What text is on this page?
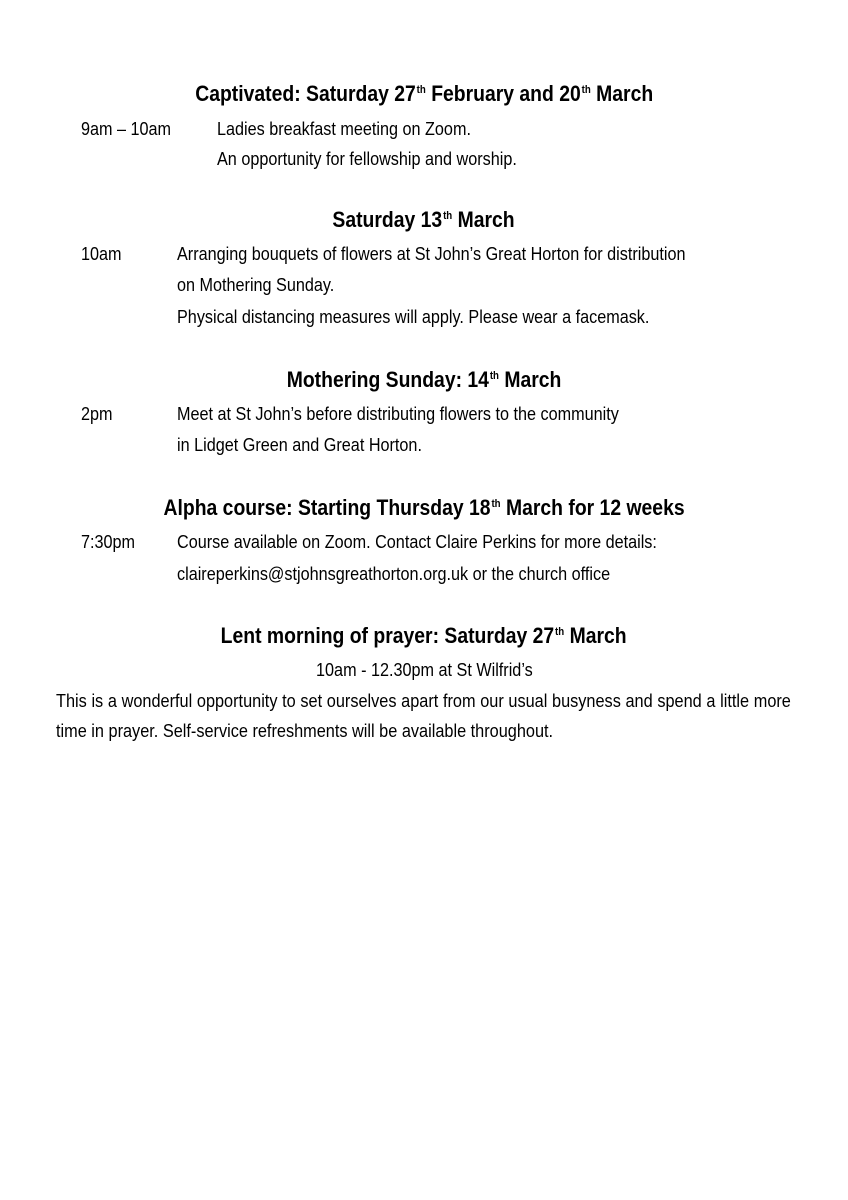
Captivated: Saturday 27th February and 20th March
9am – 10am	Ladies breakfast meeting on Zoom.
An opportunity for fellowship and worship.
Saturday 13th March
10am	Arranging bouquets of flowers at St John’s Great Horton for distribution
on Mothering Sunday.
Physical distancing measures will apply. Please wear a facemask.
Mothering Sunday: 14th March
2pm	Meet at St John’s before distributing flowers to the community
in Lidget Green and Great Horton.
Alpha course: Starting Thursday 18th March for 12 weeks
7:30pm Course available on Zoom. Contact Claire Perkins for more details:
claireperkins@stjohnsgreathorton.org.uk or the church office
Lent morning of prayer: Saturday 27th March
10am - 12.30pm at St Wilfrid’s
This is a wonderful opportunity to set ourselves apart from our usual busyness and spend a little more time in prayer. Self-service refreshments will be available throughout.
